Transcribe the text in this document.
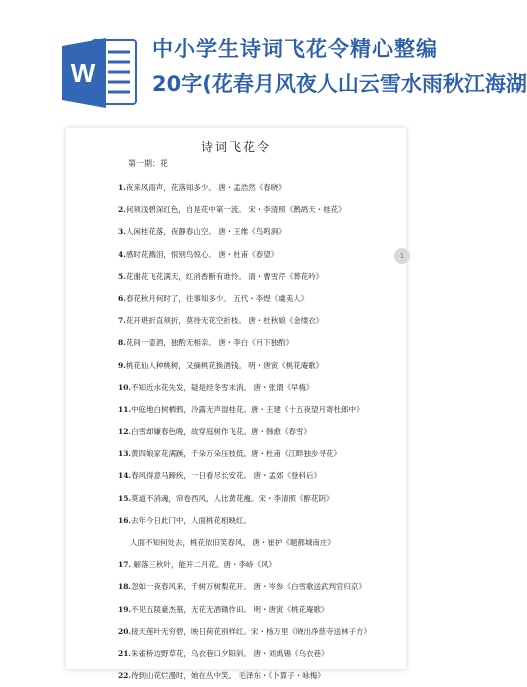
W
中小学生诗词飞花令精心整编
20字(花春月风夜人山云雪水雨秋江海湖
诗词飞花令
第一期：花
1.夜来风雨声，花落知多少。 唐・孟浩然《春晓》
2.何须浅碧深红色，自是花中第一流。 宋・李清照《鹧鸪天・桂花》
3.人闲桂花落，夜静春山空。 唐・王维《鸟鸣涧》
4.感时花溅泪，恨别鸟惊心。 唐・杜甫《春望》
5.花谢花飞花满天，红消香断有谁怜。 清・曹雪芹《葬花吟》
6.春花秋月何时了，往事知多少。 五代・李煜《虞美人》
7.花开堪折直须折，莫待无花空折枝。 唐・杜秋娘《金缕衣》
8.花间一壶酒，独酌无相亲。 唐・李白《月下独酌》
9.桃花仙人种桃树，又摘桃花换酒钱。 明・唐寅《桃花庵歌》
10.不知近水花先发，疑是经冬雪未消。 唐・张谓《早梅》
11.中庭地白树栖鸦，冷露无声湿桂花。唐・王建《十五夜望月寄杜郎中》
12.白雪却嫌春色晚，故穿庭树作飞花。唐・韩愈《春雪》
13.黄四娘家花满蹊，千朵万朵压枝低。唐・杜甫《江畔独步寻花》
14.春风得意马蹄疾，一日看尽长安花。 唐・孟郊《登科后》
15.莫道不消魂，帘卷西风，人比黄花瘦。宋・李清照《醉花阴》
16.去年今日此门中，人面桃花相映红。
人面不知何处去，桃花依旧笑春风。 唐・崔护《题都城南庄》
17. 解落三秋叶，能开二月花。唐・李峤《风》
18.忽如一夜春风来，千树万树梨花开。 唐・岑参《白雪歌送武判官归京》
19.不见五陵豪杰墓，无花无酒锄作田。 明・唐寅《桃花庵歌》
20.接天莲叶无穷碧，映日荷花别样红。宋・杨万里《晓出净慈寺送林子方》
21.朱雀桥边野草花，乌衣巷口夕阳斜。 唐・刘禹锡《乌衣巷》
22.待到山花烂漫时，她在丛中笑。 毛泽东・《卜算子・咏梅》
1
